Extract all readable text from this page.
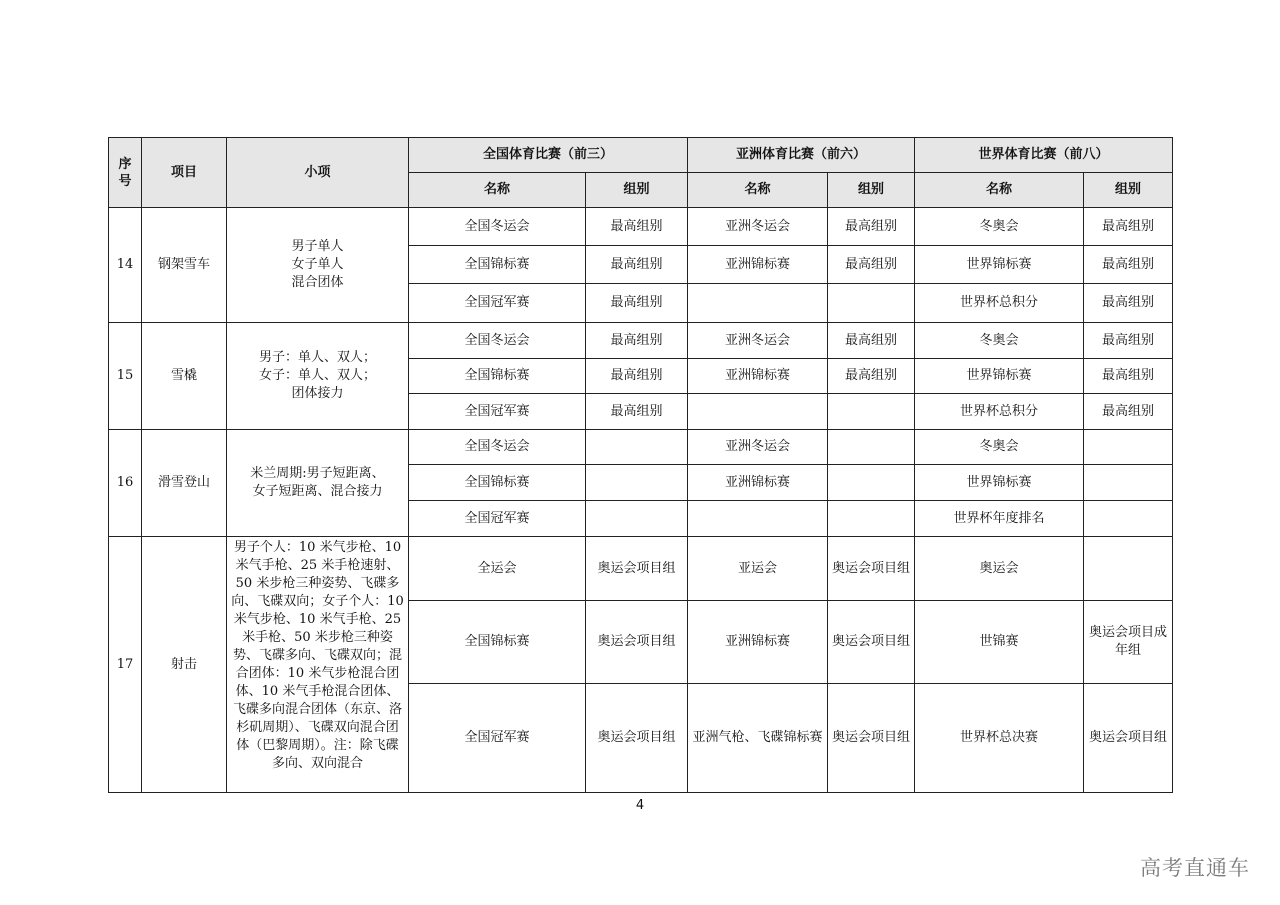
序号	项目	小项	全国体育比赛（前三）		亚洲体育比赛（前六）		世界体育比赛（前八）	
			名称	组别	名称	组别	名称	组别
14	钢架雪车	男子单人
女子单人
混合团体	全国冬运会	最高组别	亚洲冬运会	最高组别	冬奥会	最高组别
			全国锦标赛	最高组别	亚洲锦标赛	最高组别	世界锦标赛	最高组别
			全国冠军赛	最高组别			世界杯总积分	最高组别
15	雪橇	男子：单人、双人；
女子：单人、双人；
团体接力	全国冬运会	最高组别	亚洲冬运会	最高组别	冬奥会	最高组别
			全国锦标赛	最高组别	亚洲锦标赛	最高组别	世界锦标赛	最高组别
			全国冠军赛	最高组别			世界杯总积分	最高组别
16	滑雪登山	米兰周期:男子短距离、
女子短距离、混合接力	全国冬运会		亚洲冬运会		冬奥会	
			全国锦标赛		亚洲锦标赛		世界锦标赛	
			全国冠军赛				世界杯年度排名	
17	射击	男子个人：10 米气步枪、10 米气手枪、25 米手枪速射、50 米步枪三种姿势、飞碟多向、飞碟双向；女子个人：10 米气步枪、10 米气手枪、25 米手枪、50 米步枪三种姿势、飞碟多向、飞碟双向；混合团体：10 米气步枪混合团体、10 米气手枪混合团体、飞碟多向混合团体（东京、洛杉矶周期）、飞碟双向混合团体（巴黎周期）。注：除飞碟多向、双向混合	全运会	奥运会项目组	亚运会	奥运会项目组	奥运会	
			全国锦标赛	奥运会项目组	亚洲锦标赛	奥运会项目组	世锦赛	奥运会项目成年组
			全国冠军赛	奥运会项目组	亚洲气枪、飞碟锦标赛	奥运会项目组	世界杯总决赛	奥运会项目组
4
高考直通车
